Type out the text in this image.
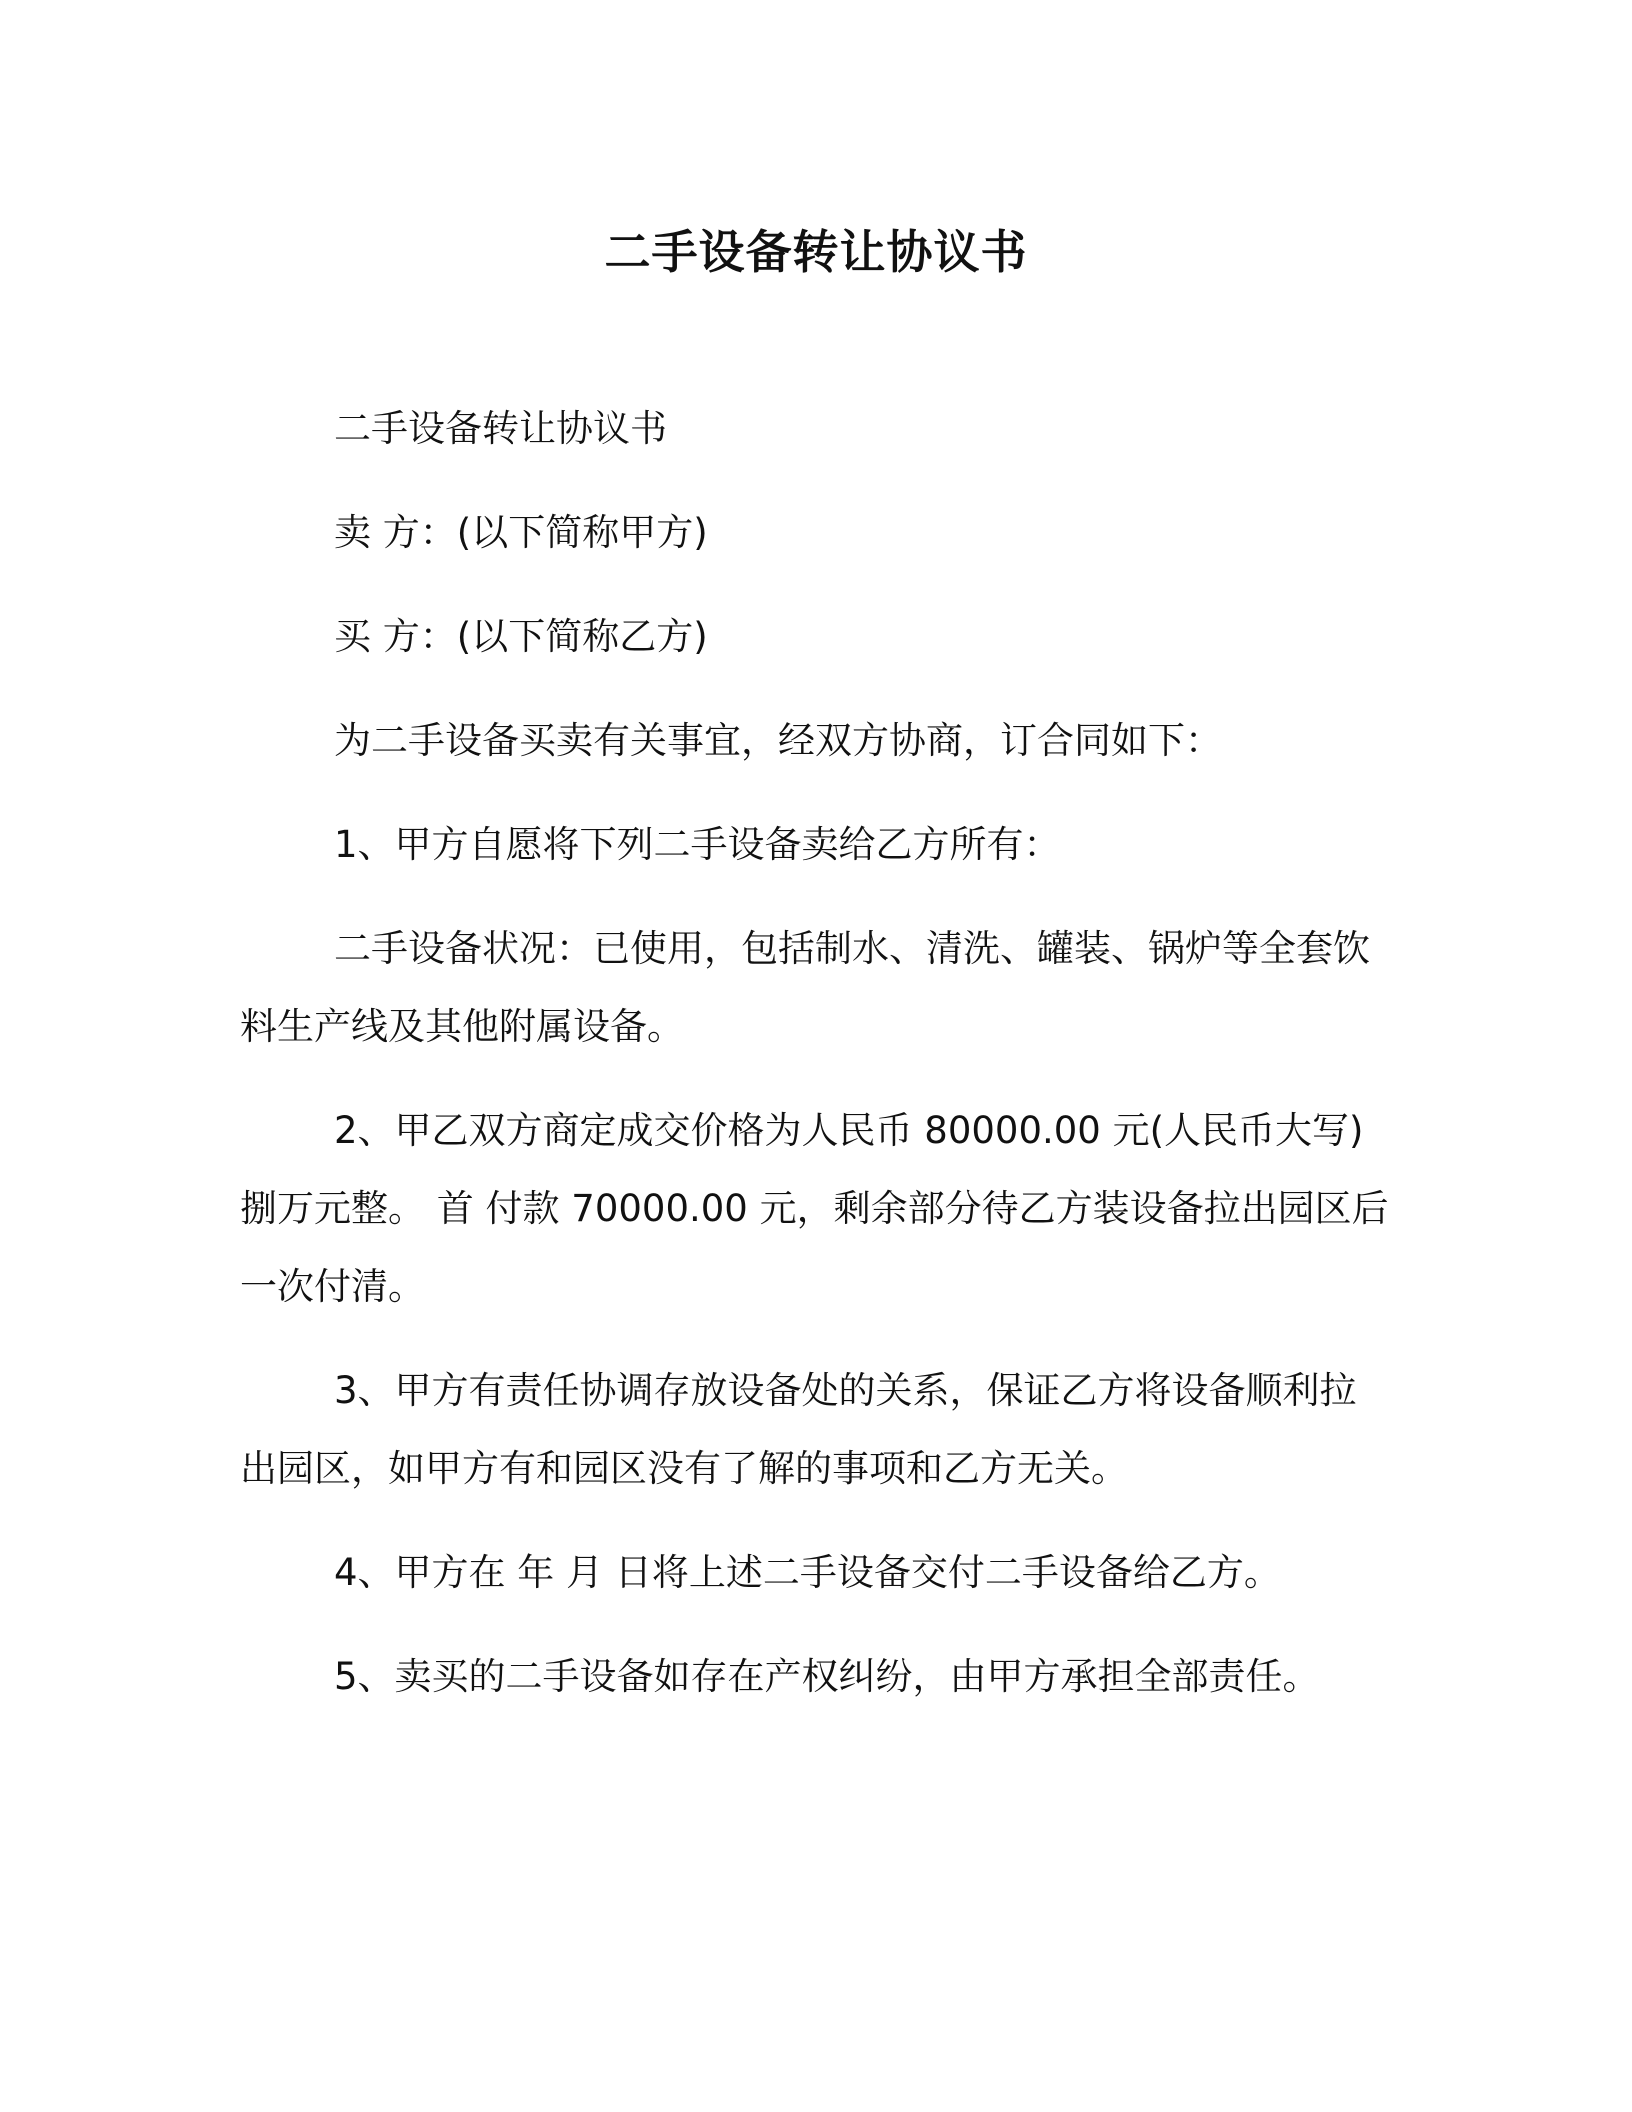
二手设备转让协议书

二手设备转让协议书

卖 方：(以下简称甲方)

买 方：(以下简称乙方)

为二手设备买卖有关事宜，经双方协商，订合同如下：

1、甲方自愿将下列二手设备卖给乙方所有：

二手设备状况：已使用，包括制水、清洗、罐装、锅炉等全套饮料生产线及其他附属设备。

2、甲乙双方商定成交价格为人民币 80000.00 元(人民币大写)捌万元整。 首 付款 70000.00 元，剩余部分待乙方装设备拉出园区后一次付清。

3、甲方有责任协调存放设备处的关系，保证乙方将设备顺利拉出园区，如甲方有和园区没有了解的事项和乙方无关。

4、甲方在 年 月 日将上述二手设备交付二手设备给乙方。

5、卖买的二手设备如存在产权纠纷，由甲方承担全部责任。
